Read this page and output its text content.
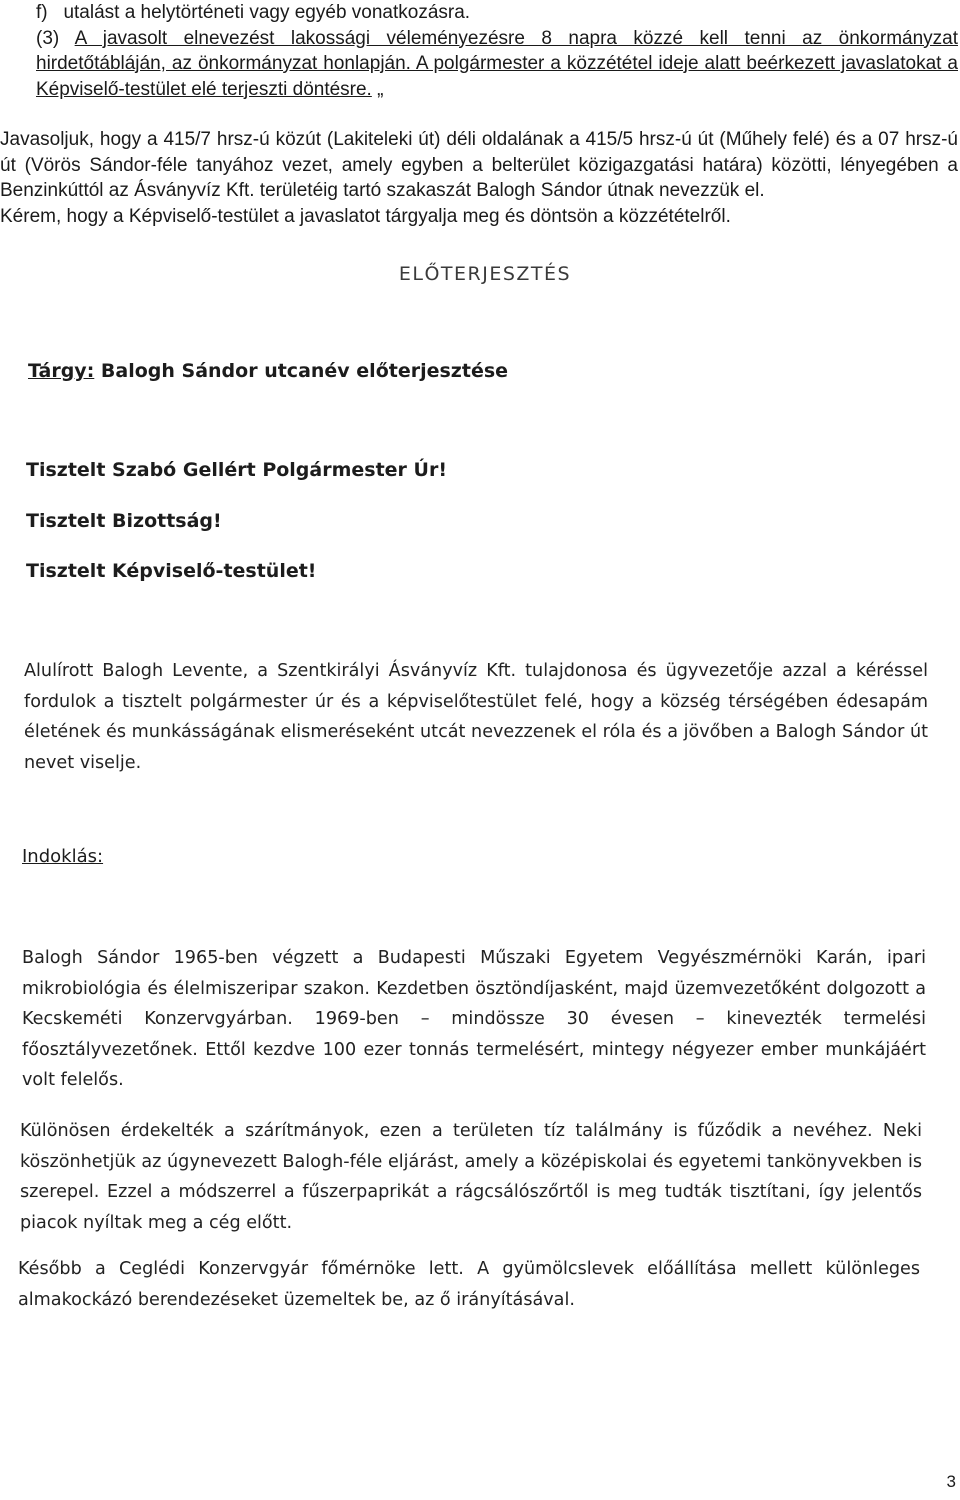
f)   utalást a helytörténeti vagy egyéb vonatkozásra.

(3) A javasolt elnevezést lakossági véleményezésre 8 napra közzé kell tenni az önkormányzat hirdetőtábláján, az önkormányzat honlapján. A polgármester a közzététel ideje alatt beérkezett javaslatokat a Képviselő-testület elé terjeszti döntésre. „

Javasoljuk, hogy a 415/7 hrsz-ú közút (Lakiteleki út) déli oldalának a 415/5 hrsz-ú út (Műhely felé) és a 07 hrsz-ú út (Vörös Sándor-féle tanyához vezet, amely egyben a belterület közigazgatási határa) közötti, lényegében a Benzinkúttól az Ásványvíz Kft. területéig tartó szakaszát Balogh Sándor útnak nevezzük el.

Kérem, hogy a Képviselő-testület a javaslatot tárgyalja meg és döntsön a közzétételről.

ELŐTERJESZTÉS
Tárgy: Balogh Sándor utcanév előterjesztése
Tisztelt Szabó Gellért Polgármester Úr!
Tisztelt Bizottság!
Tisztelt Képviselő-testület!
Alulírott Balogh Levente, a Szentkirályi Ásványvíz Kft. tulajdonosa és ügyvezetője azzal a kéréssel fordulok a tisztelt polgármester úr és a képviselőtestület felé, hogy a község térségében édesapám életének és munkásságának elismeréseként utcát nevezzenek el róla és a jövőben a Balogh Sándor út nevet viselje.
Indoklás:
Balogh Sándor 1965-ben végzett a Budapesti Műszaki Egyetem Vegyészmérnöki Karán, ipari mikrobiológia és élelmiszeripar szakon. Kezdetben ösztöndíjasként, majd üzemvezetőként dolgozott a Kecskeméti Konzervgyárban. 1969-ben – mindössze 30 évesen – kinevezték termelési főosztályvezetőnek. Ettől kezdve 100 ezer tonnás termelésért, mintegy négyezer ember munkájáért volt felelős.
Különösen érdekelték a szárítmányok, ezen a területen tíz találmány is fűződik a nevéhez. Neki köszönhetjük az úgynevezett Balogh-féle eljárást, amely a középiskolai és egyetemi tankönyvekben is szerepel. Ezzel a módszerrel a fűszerpaprikát a rágcsálószőrtől is meg tudták tisztítani, így jelentős piacok nyíltak meg a cég előtt.
Később a Ceglédi Konzervgyár főmérnöke lett. A gyümölcslevek előállítása mellett különleges almakockázó berendezéseket üzemeltek be, az ő irányításával.
3
